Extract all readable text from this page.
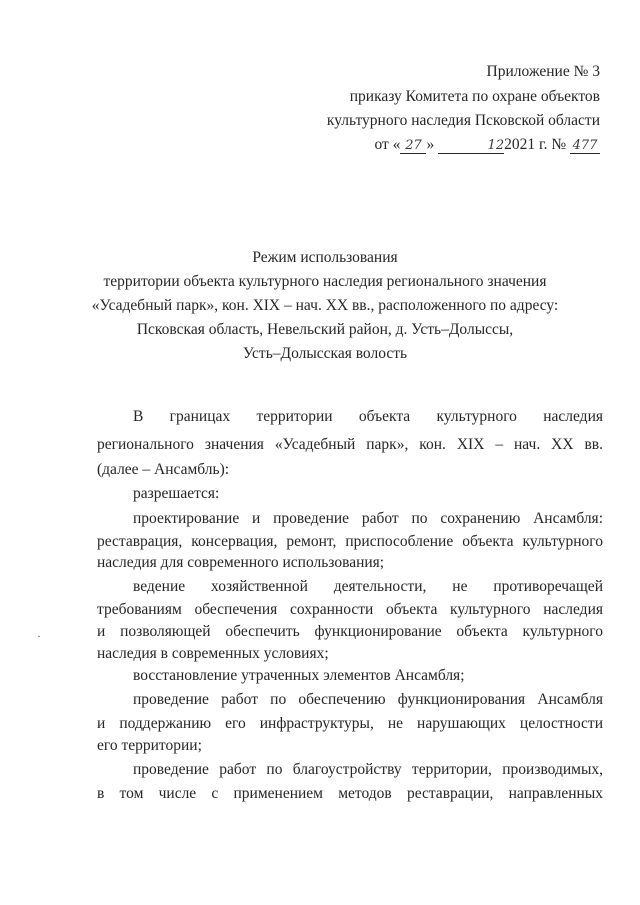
Приложение № 3
приказу Комитета по охране объектов
культурного наследия Псковской области
от « 27 »	122021 г. № 477
Режим использования
территории объекта культурного наследия регионального значения
«Усадебный парк», кон. XIX – нач. XX вв., расположенного по адресу:
Псковская область, Невельский район, д. Усть–Долыссы,
Усть–Долысская волость
В границах территории объекта культурного наследия
регионального значения «Усадебный парк», кон. XIX – нач. XX вв.
(далее – Ансамбль):
разрешается:
проектирование и проведение работ по сохранению Ансамбля:
реставрация, консервация, ремонт, приспособление объекта культурного
наследия для современного использования;
ведение хозяйственной деятельности, не противоречащей
требованиям обеспечения сохранности объекта культурного наследия
и позволяющей обеспечить функционирование объекта культурного
наследия в современных условиях;
восстановление утраченных элементов Ансамбля;
проведение работ по обеспечению функционирования Ансамбля
и поддержанию его инфраструктуры, не нарушающих целостности
его территории;
проведение работ по благоустройству территории, производимых,
в том числе с применением методов реставрации, направленных
